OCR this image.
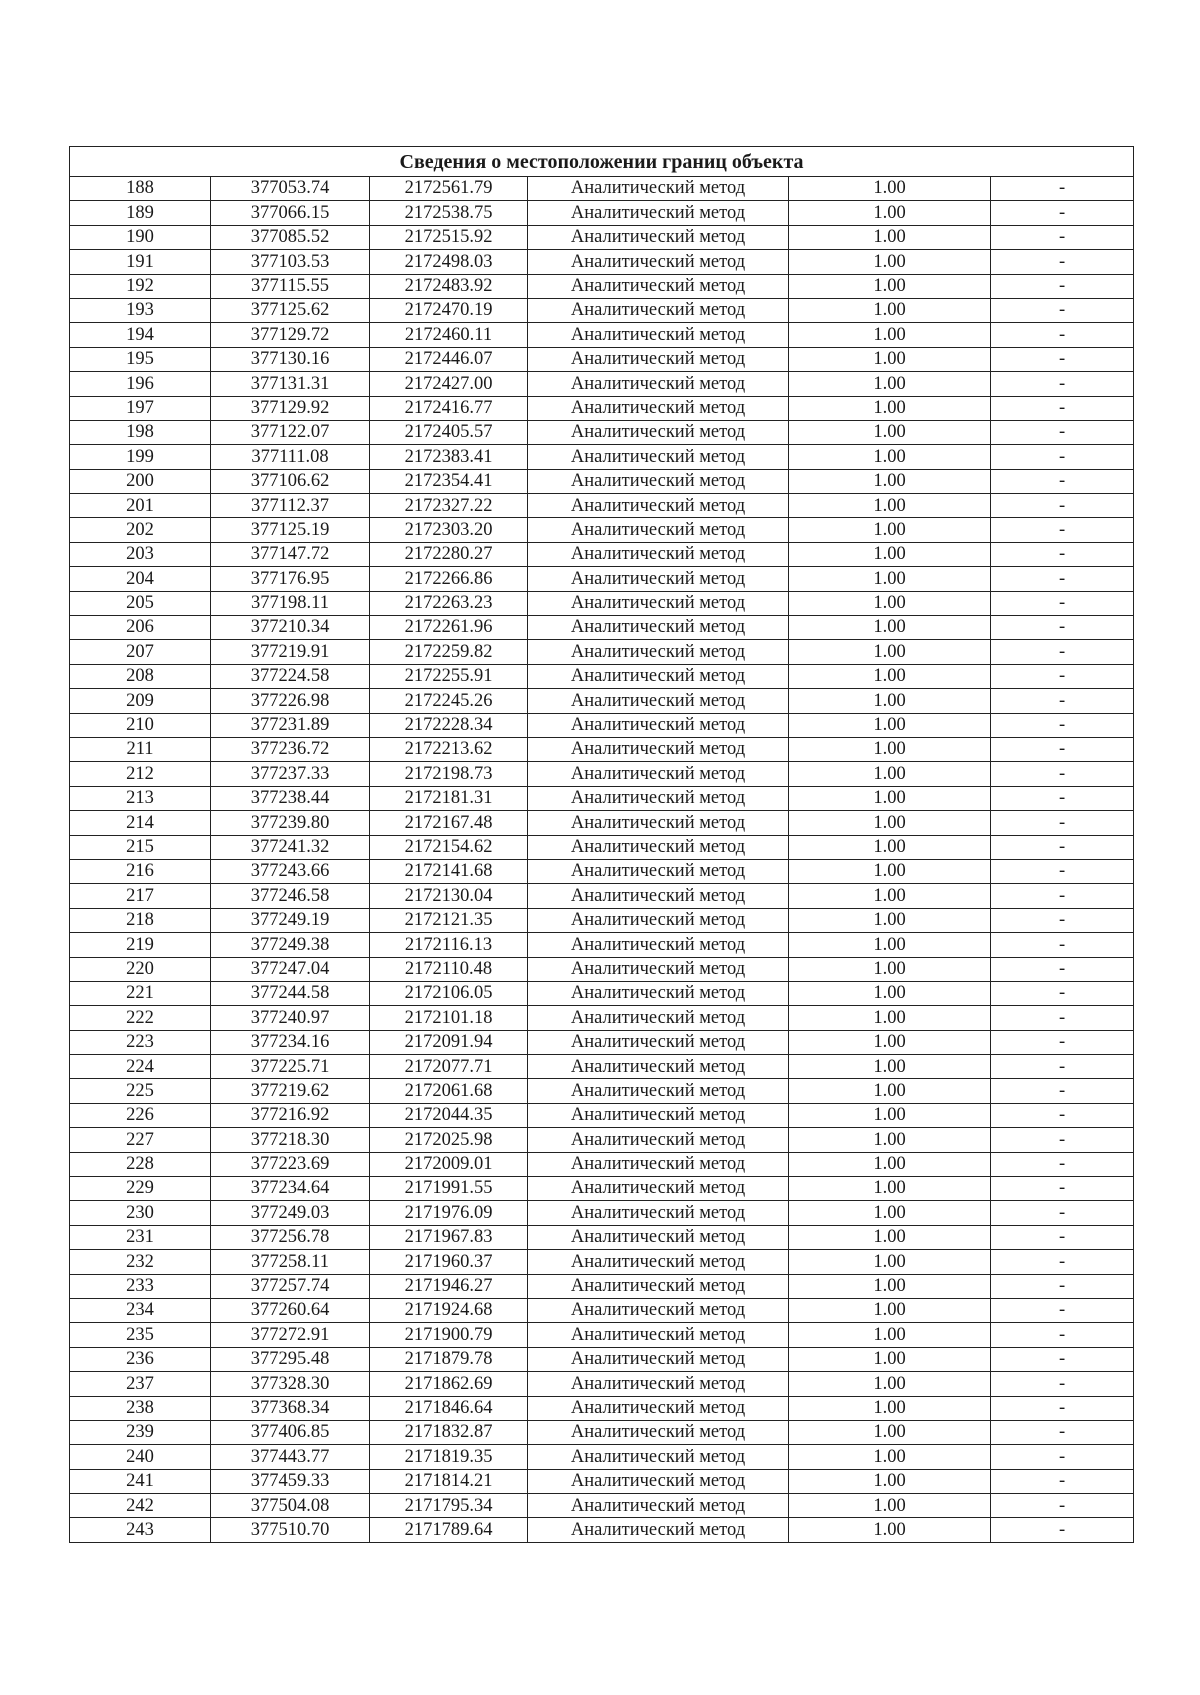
Сведения о местоположении границ объекта					
188	377053.74	2172561.79	Аналитический метод	1.00	-
189	377066.15	2172538.75	Аналитический метод	1.00	-
190	377085.52	2172515.92	Аналитический метод	1.00	-
191	377103.53	2172498.03	Аналитический метод	1.00	-
192	377115.55	2172483.92	Аналитический метод	1.00	-
193	377125.62	2172470.19	Аналитический метод	1.00	-
194	377129.72	2172460.11	Аналитический метод	1.00	-
195	377130.16	2172446.07	Аналитический метод	1.00	-
196	377131.31	2172427.00	Аналитический метод	1.00	-
197	377129.92	2172416.77	Аналитический метод	1.00	-
198	377122.07	2172405.57	Аналитический метод	1.00	-
199	377111.08	2172383.41	Аналитический метод	1.00	-
200	377106.62	2172354.41	Аналитический метод	1.00	-
201	377112.37	2172327.22	Аналитический метод	1.00	-
202	377125.19	2172303.20	Аналитический метод	1.00	-
203	377147.72	2172280.27	Аналитический метод	1.00	-
204	377176.95	2172266.86	Аналитический метод	1.00	-
205	377198.11	2172263.23	Аналитический метод	1.00	-
206	377210.34	2172261.96	Аналитический метод	1.00	-
207	377219.91	2172259.82	Аналитический метод	1.00	-
208	377224.58	2172255.91	Аналитический метод	1.00	-
209	377226.98	2172245.26	Аналитический метод	1.00	-
210	377231.89	2172228.34	Аналитический метод	1.00	-
211	377236.72	2172213.62	Аналитический метод	1.00	-
212	377237.33	2172198.73	Аналитический метод	1.00	-
213	377238.44	2172181.31	Аналитический метод	1.00	-
214	377239.80	2172167.48	Аналитический метод	1.00	-
215	377241.32	2172154.62	Аналитический метод	1.00	-
216	377243.66	2172141.68	Аналитический метод	1.00	-
217	377246.58	2172130.04	Аналитический метод	1.00	-
218	377249.19	2172121.35	Аналитический метод	1.00	-
219	377249.38	2172116.13	Аналитический метод	1.00	-
220	377247.04	2172110.48	Аналитический метод	1.00	-
221	377244.58	2172106.05	Аналитический метод	1.00	-
222	377240.97	2172101.18	Аналитический метод	1.00	-
223	377234.16	2172091.94	Аналитический метод	1.00	-
224	377225.71	2172077.71	Аналитический метод	1.00	-
225	377219.62	2172061.68	Аналитический метод	1.00	-
226	377216.92	2172044.35	Аналитический метод	1.00	-
227	377218.30	2172025.98	Аналитический метод	1.00	-
228	377223.69	2172009.01	Аналитический метод	1.00	-
229	377234.64	2171991.55	Аналитический метод	1.00	-
230	377249.03	2171976.09	Аналитический метод	1.00	-
231	377256.78	2171967.83	Аналитический метод	1.00	-
232	377258.11	2171960.37	Аналитический метод	1.00	-
233	377257.74	2171946.27	Аналитический метод	1.00	-
234	377260.64	2171924.68	Аналитический метод	1.00	-
235	377272.91	2171900.79	Аналитический метод	1.00	-
236	377295.48	2171879.78	Аналитический метод	1.00	-
237	377328.30	2171862.69	Аналитический метод	1.00	-
238	377368.34	2171846.64	Аналитический метод	1.00	-
239	377406.85	2171832.87	Аналитический метод	1.00	-
240	377443.77	2171819.35	Аналитический метод	1.00	-
241	377459.33	2171814.21	Аналитический метод	1.00	-
242	377504.08	2171795.34	Аналитический метод	1.00	-
243	377510.70	2171789.64	Аналитический метод	1.00	-
